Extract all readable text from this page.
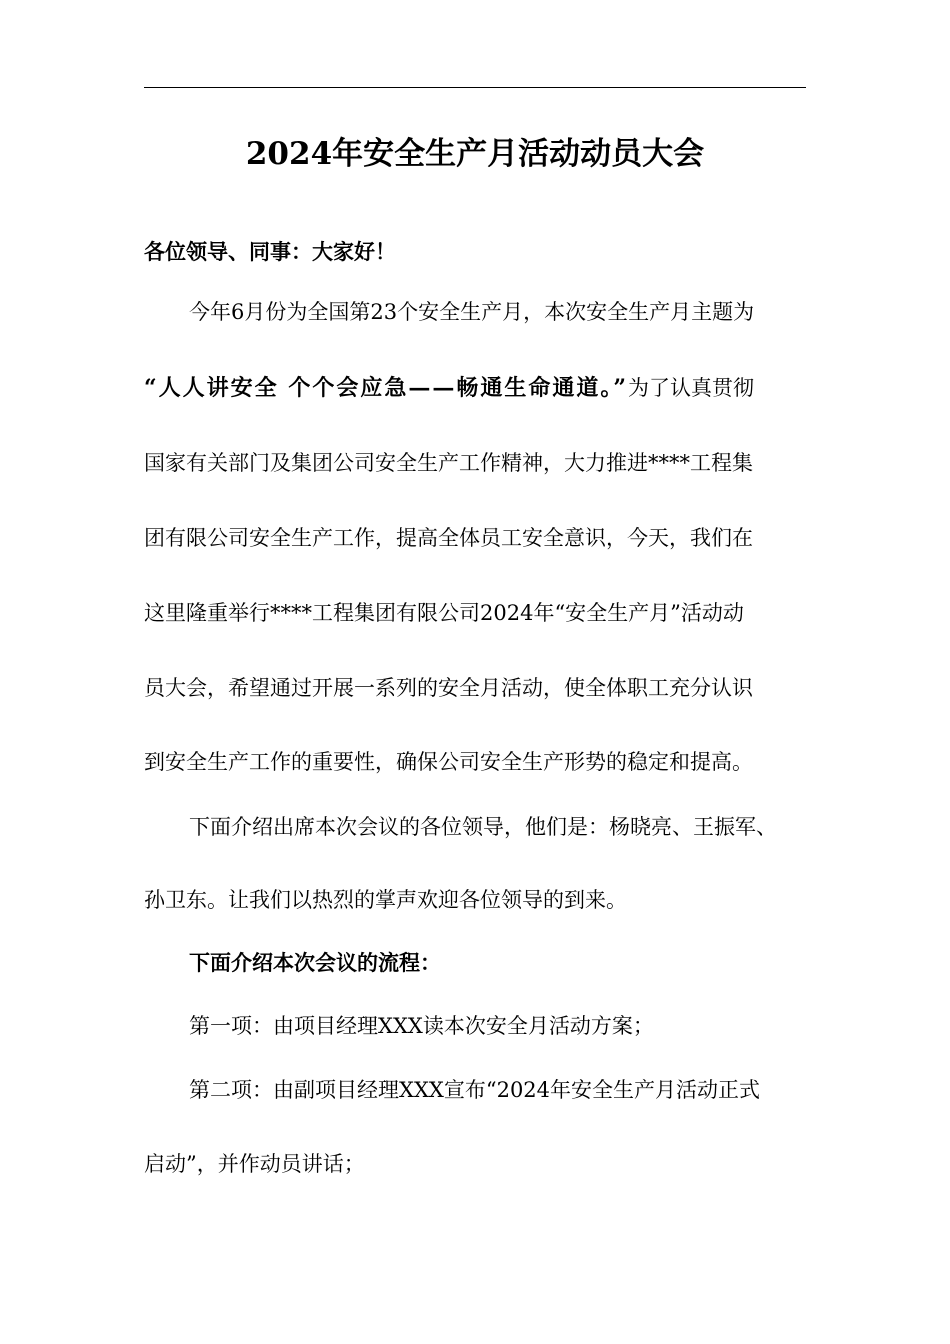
2024年安全生产月活动动员大会
各位领导、同事：大家好！
今年6月份为全国第23个安全生产月，本次安全生产月主题为
“人人讲安全 个个会应急——畅通生命通道。”为了认真贯彻
国家有关部门及集团公司安全生产工作精神，大力推进****工程集
团有限公司安全生产工作，提高全体员工安全意识，今天，我们在
这里隆重举行****工程集团有限公司2024年“安全生产月”活动动
员大会，希望通过开展一系列的安全月活动，使全体职工充分认识
到安全生产工作的重要性，确保公司安全生产形势的稳定和提高。
下面介绍出席本次会议的各位领导，他们是：杨晓亮、王振军、
孙卫东。让我们以热烈的掌声欢迎各位领导的到来。
下面介绍本次会议的流程：
第一项：由项目经理XXX读本次安全月活动方案；
第二项：由副项目经理XXX宣布“2024年安全生产月活动正式
启动”，并作动员讲话；
